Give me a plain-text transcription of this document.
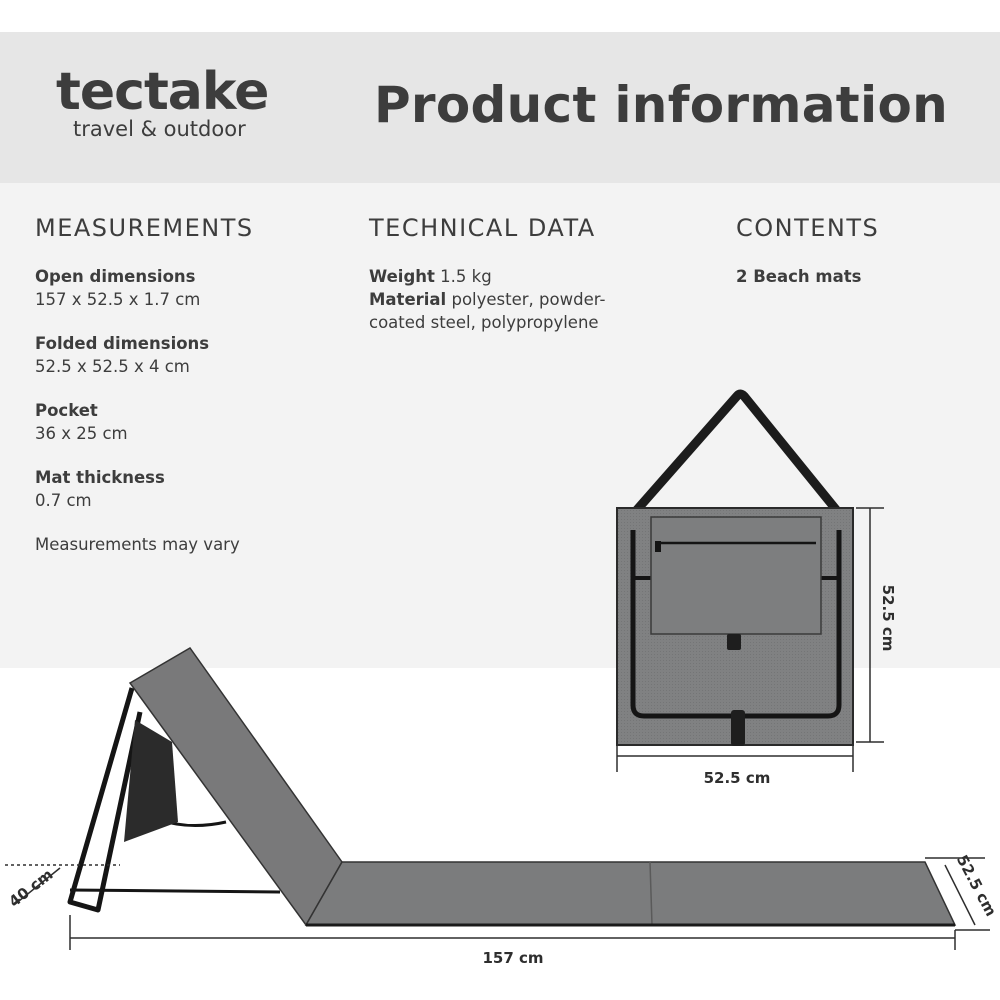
tectake
travel & outdoor	Product information
MEASUREMENTS
Open dimensions
157 x 52.5 x 1.7 cm
Folded dimensions
52.5 x 52.5 x 4 cm
Pocket
36 x 25 cm
Mat thickness
0.7 cm
Measurements may vary
TECHNICAL DATA
Weight 1.5 kg
Material polyester, powder-
coated steel, polypropylene
CONTENTS
2 Beach mats
52.5 cm
52.5 cm
40 cm	52.5 cm
157 cm
